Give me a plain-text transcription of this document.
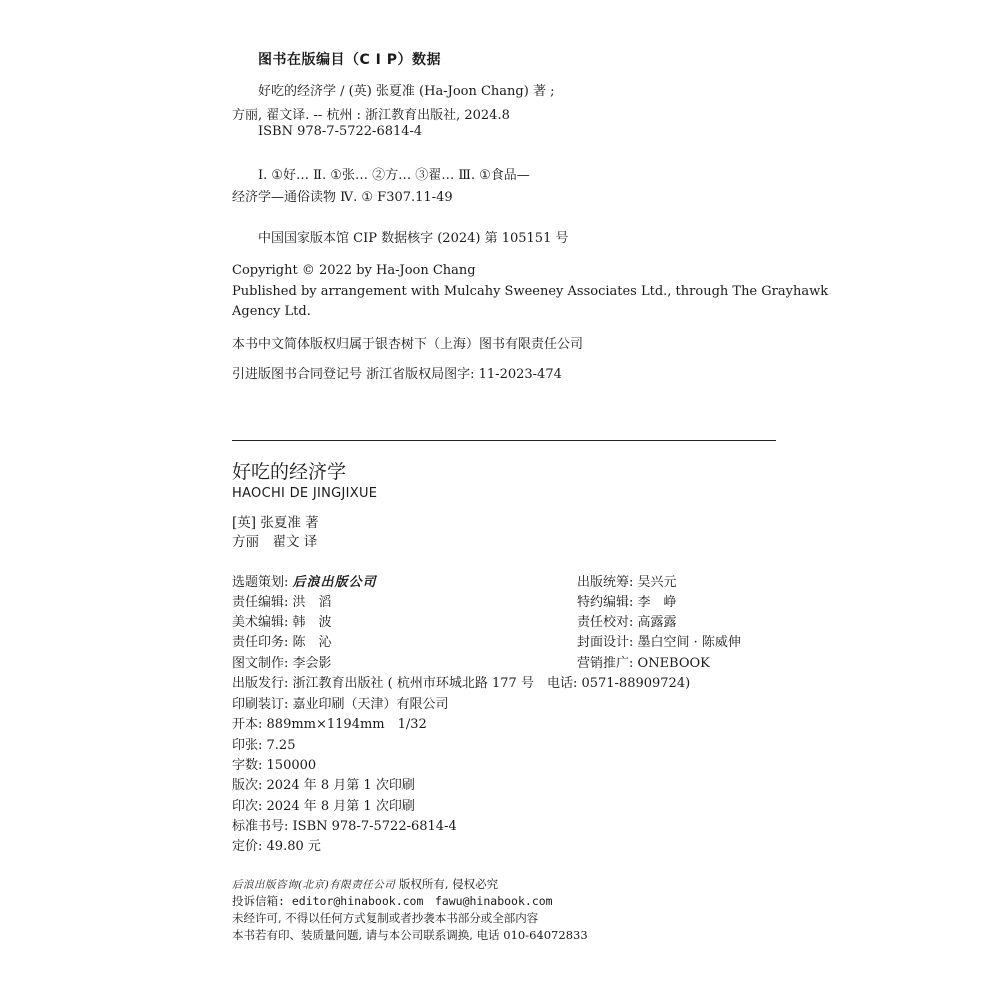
图书在版编目（C I P）数据
好吃的经济学 / (英) 张夏准 (Ha-Joon Chang) 著 ;
方丽, 翟文译. -- 杭州 : 浙江教育出版社, 2024.8
ISBN 978-7-5722-6814-4
Ⅰ. ①好… Ⅱ. ①张… ②方… ③翟… Ⅲ. ①食品—
经济学—通俗读物 Ⅳ. ① F307.11-49
中国国家版本馆 CIP 数据核字 (2024) 第 105151 号
Copyright © 2022 by Ha-Joon Chang
Published by arrangement with Mulcahy Sweeney Associates Ltd., through The Grayhawk
Agency Ltd.
本书中文简体版权归属于银杏树下（上海）图书有限责任公司
引进版图书合同登记号 浙江省版权局图字: 11-2023-474
好吃的经济学
HAOCHI DE JINGJIXUE
[英] 张夏准 著
方丽　翟文 译
选题策划: 后浪出版公司
责任编辑: 洪　滔
美术编辑: 韩　波
责任印务: 陈　沁
图文制作: 李会影
出版统筹: 吴兴元
特约编辑: 李　峥
责任校对: 高露露
封面设计: 墨白空间 · 陈威伸
营销推广: ONEBOOK
出版发行: 浙江教育出版社 ( 杭州市环城北路 177 号　电话: 0571-88909724)
印刷装订: 嘉业印刷（天津）有限公司
开本: 889mm×1194mm　1/32
印张: 7.25
字数: 150000
版次: 2024 年 8 月第 1 次印刷
印次: 2024 年 8 月第 1 次印刷
标准书号: ISBN 978-7-5722-6814-4
定价: 49.80 元
后浪出版咨询(北京)有限责任公司 版权所有, 侵权必究
投诉信箱: editor@hinabook.com　fawu@hinabook.com
未经许可, 不得以任何方式复制或者抄袭本书部分或全部内容
本书若有印、装质量问题, 请与本公司联系调换, 电话 010-64072833
